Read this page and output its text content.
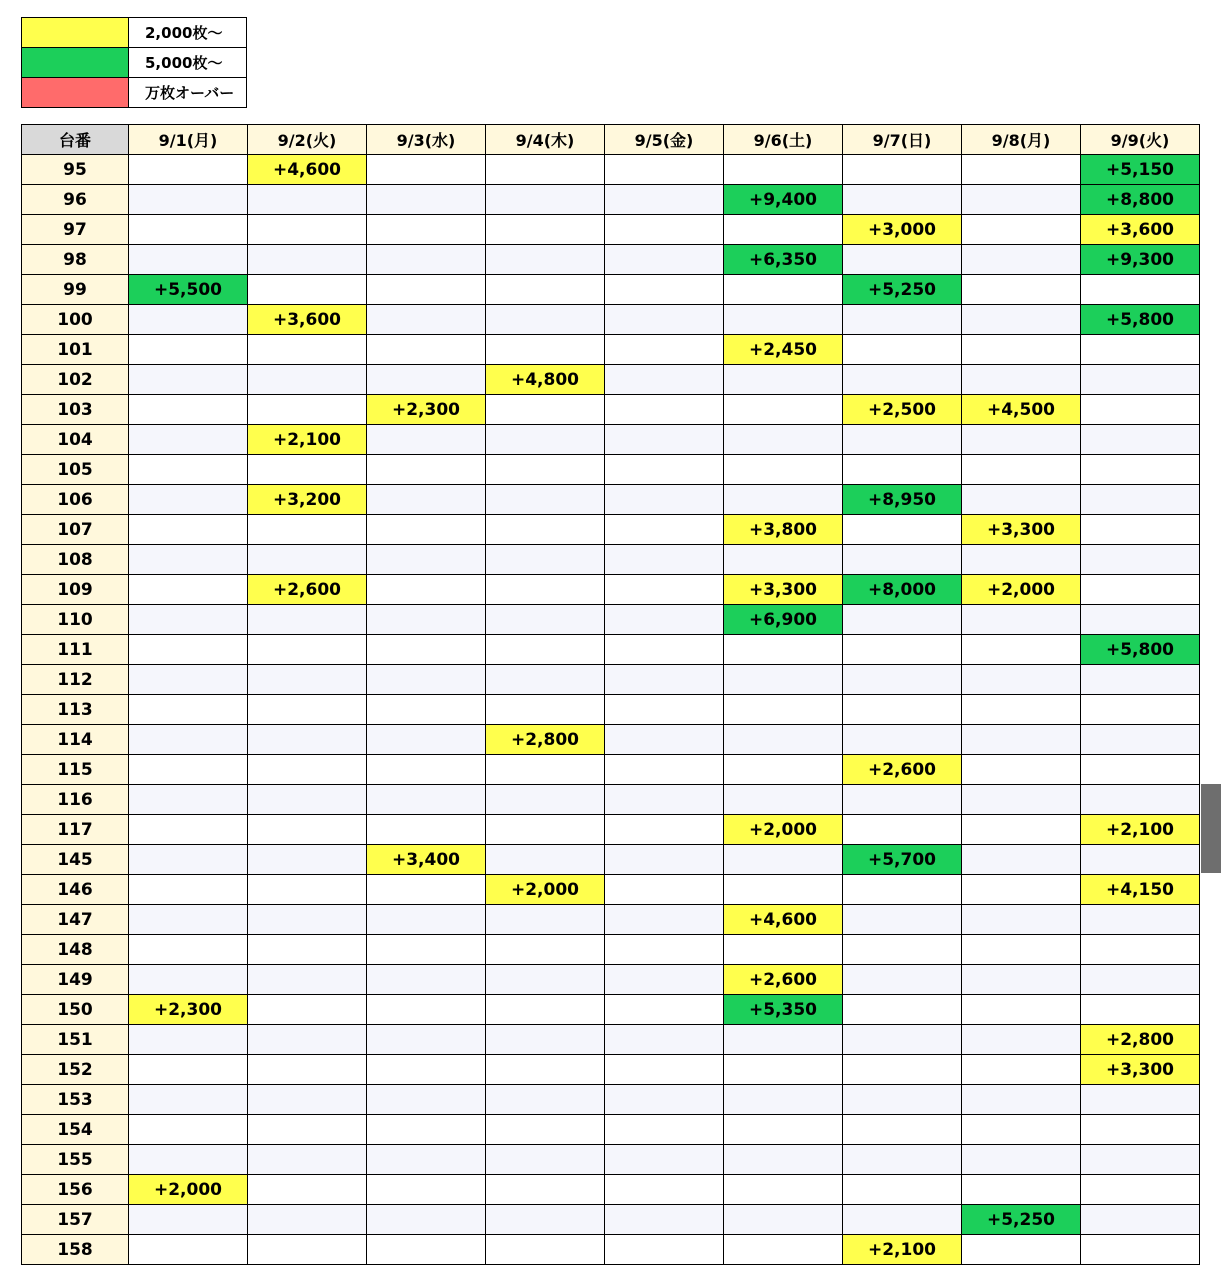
	2,000枚～
	5,000枚～
	万枚オーバー
台番	9/1(月)	9/2(火)	9/3(水)	9/4(木)	9/5(金)	9/6(土)	9/7(日)	9/8(月)	9/9(火)
95		+4,600							+5,150
96						+9,400			+8,800
97							+3,000		+3,600
98						+6,350			+9,300
99	+5,500						+5,250		
100		+3,600							+5,800
101						+2,450			
102				+4,800					
103			+2,300				+2,500	+4,500	
104		+2,100							
105									
106		+3,200					+8,950		
107						+3,800		+3,300	
108									
109		+2,600				+3,300	+8,000	+2,000	
110						+6,900			
111									+5,800
112									
113									
114				+2,800					
115							+2,600		
116									
117						+2,000			+2,100
145			+3,400				+5,700		
146				+2,000					+4,150
147						+4,600			
148									
149						+2,600			
150	+2,300					+5,350			
151									+2,800
152									+3,300
153									
154									
155									
156	+2,000								
157								+5,250	
158							+2,100		
